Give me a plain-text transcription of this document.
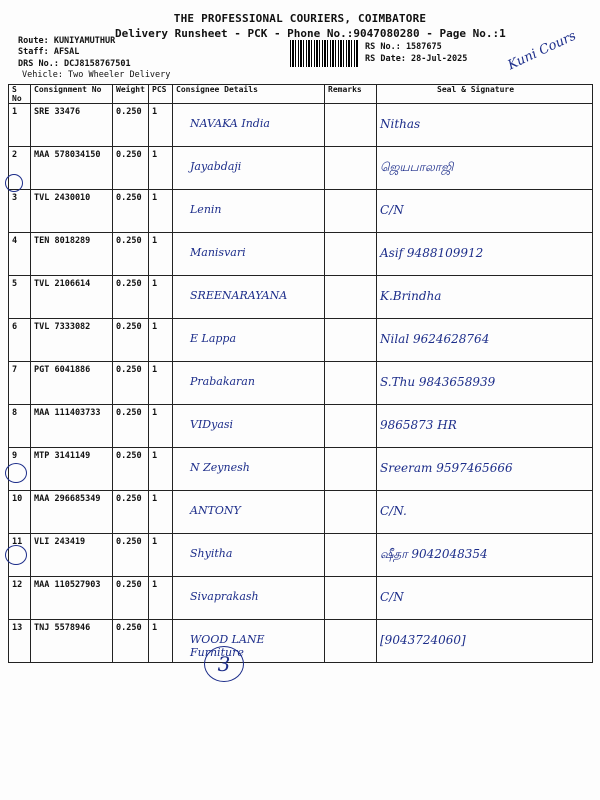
THE PROFESSIONAL COURIERS, COIMBATORE
Delivery Runsheet - PCK - Phone No.:9047080280 - Page No.:1
Route: KUNIYAMUTHUR
Staff: AFSAL
DRS No.: DCJ8158767501
Vehicle: Two Wheeler Delivery
RS No.: 1587675
RS Date: 28-Jul-2025	Kuni Cours
S No	Consignment No	Weight	PCS	Consignee Details	Remarks	Seal & Signature
1	SRE 33476	0.250	1	NAVAKA India		Nithas
2	MAA 578034150	0.250	1	Jayabdaji		ஜெயபாலாஜி
3	TVL 2430010	0.250	1	Lenin		C/N
4	TEN 8018289	0.250	1	Manisvari		Asif 9488109912
5	TVL 2106614	0.250	1	SREENARAYANA		K.Brindha
6	TVL 7333082	0.250	1	E Lappa		Nilal 9624628764
7	PGT 6041886	0.250	1	Prabakaran		S.Thu 9843658939
8	MAA 111403733	0.250	1	VIDyasi		9865873 HR
9	MTP 3141149	0.250	1	N Zeynesh		Sreeram 9597465666
10	MAA 296685349	0.250	1	ANTONY		C/N.
11	VLI 243419	0.250	1	Shyitha		ஷீதா 9042048354
12	MAA 110527903	0.250	1	Sivaprakash		C/N
13	TNJ 5578946	0.250	1	WOOD LANE Furniture		[9043724060]
3
